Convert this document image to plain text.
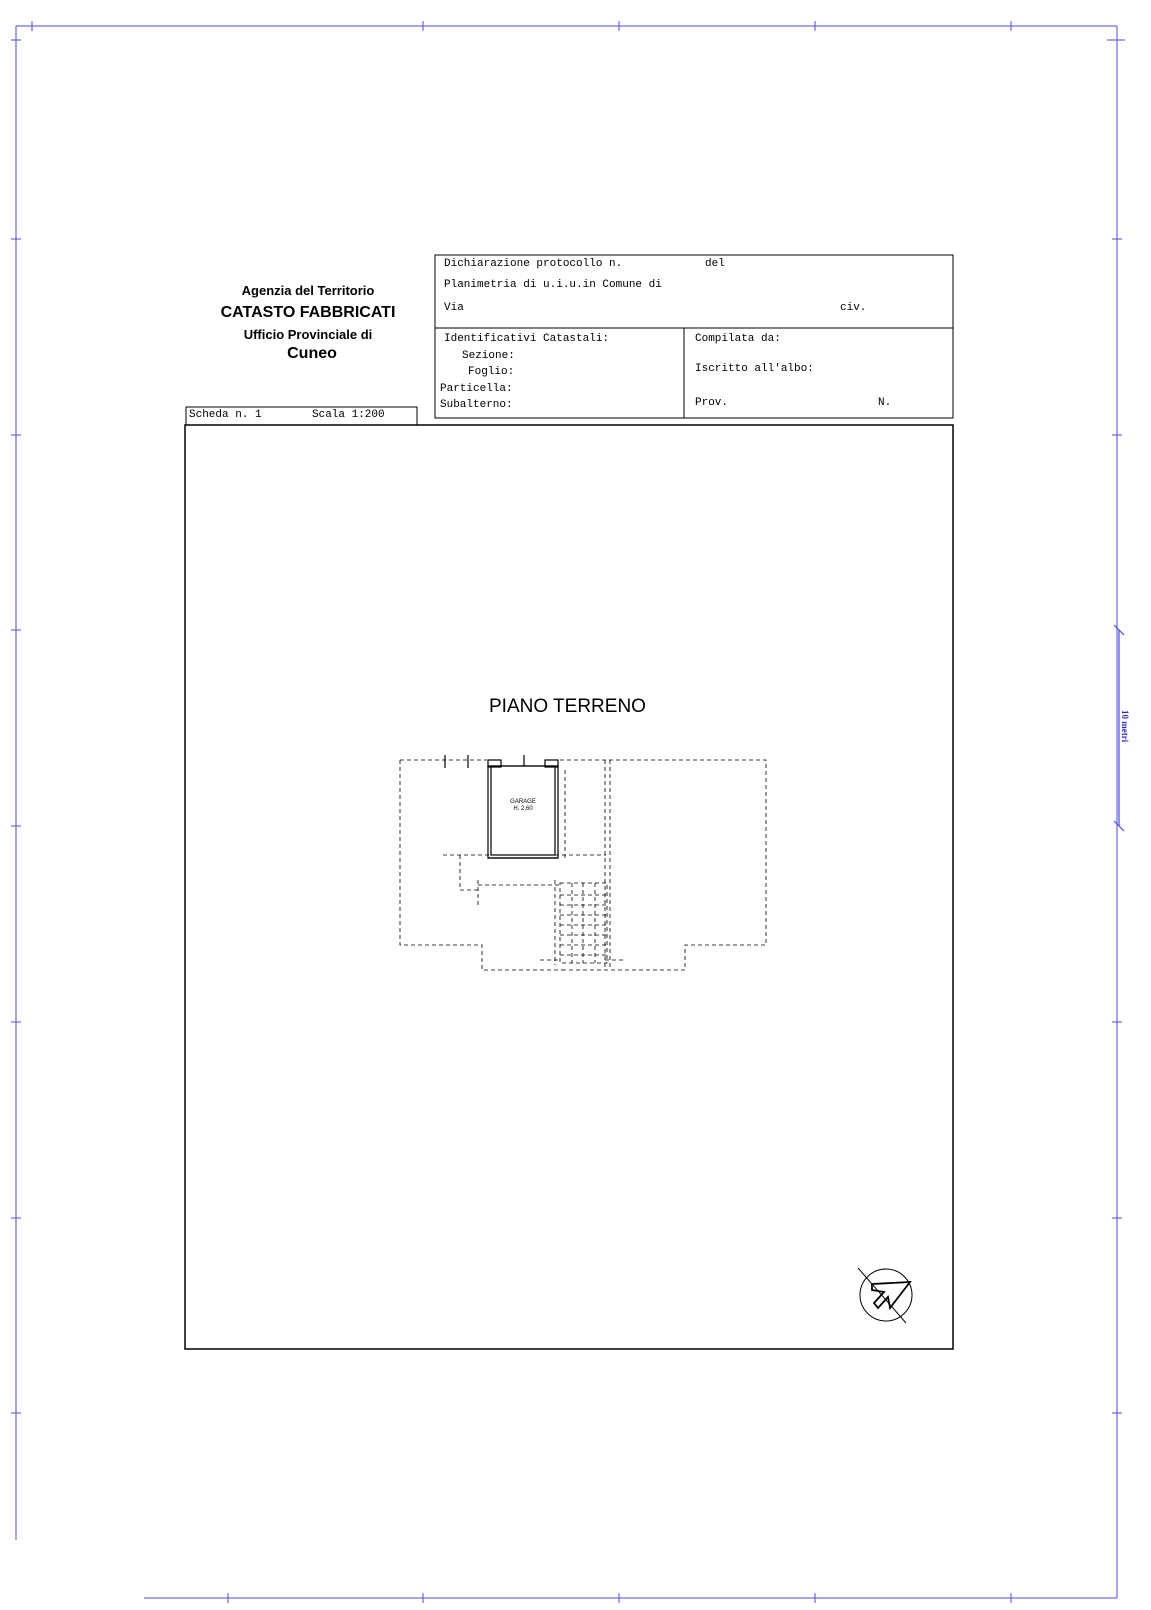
Agenzia del Territorio
CATASTO FABBRICATI
Ufficio Provinciale di
Cuneo
Dichiarazione protocollo n.	del
Planimetria di u.i.u.in Comune di
Via	civ.
Identificativi Catastali:
Sezione:
Foglio:
Particella:
Subalterno:
Compilata da:
Iscritto all'albo:
Prov.	N.
Scheda n. 1	Scala 1:200
PIANO TERRENO
GARAGE
H. 2,60
10 metri
